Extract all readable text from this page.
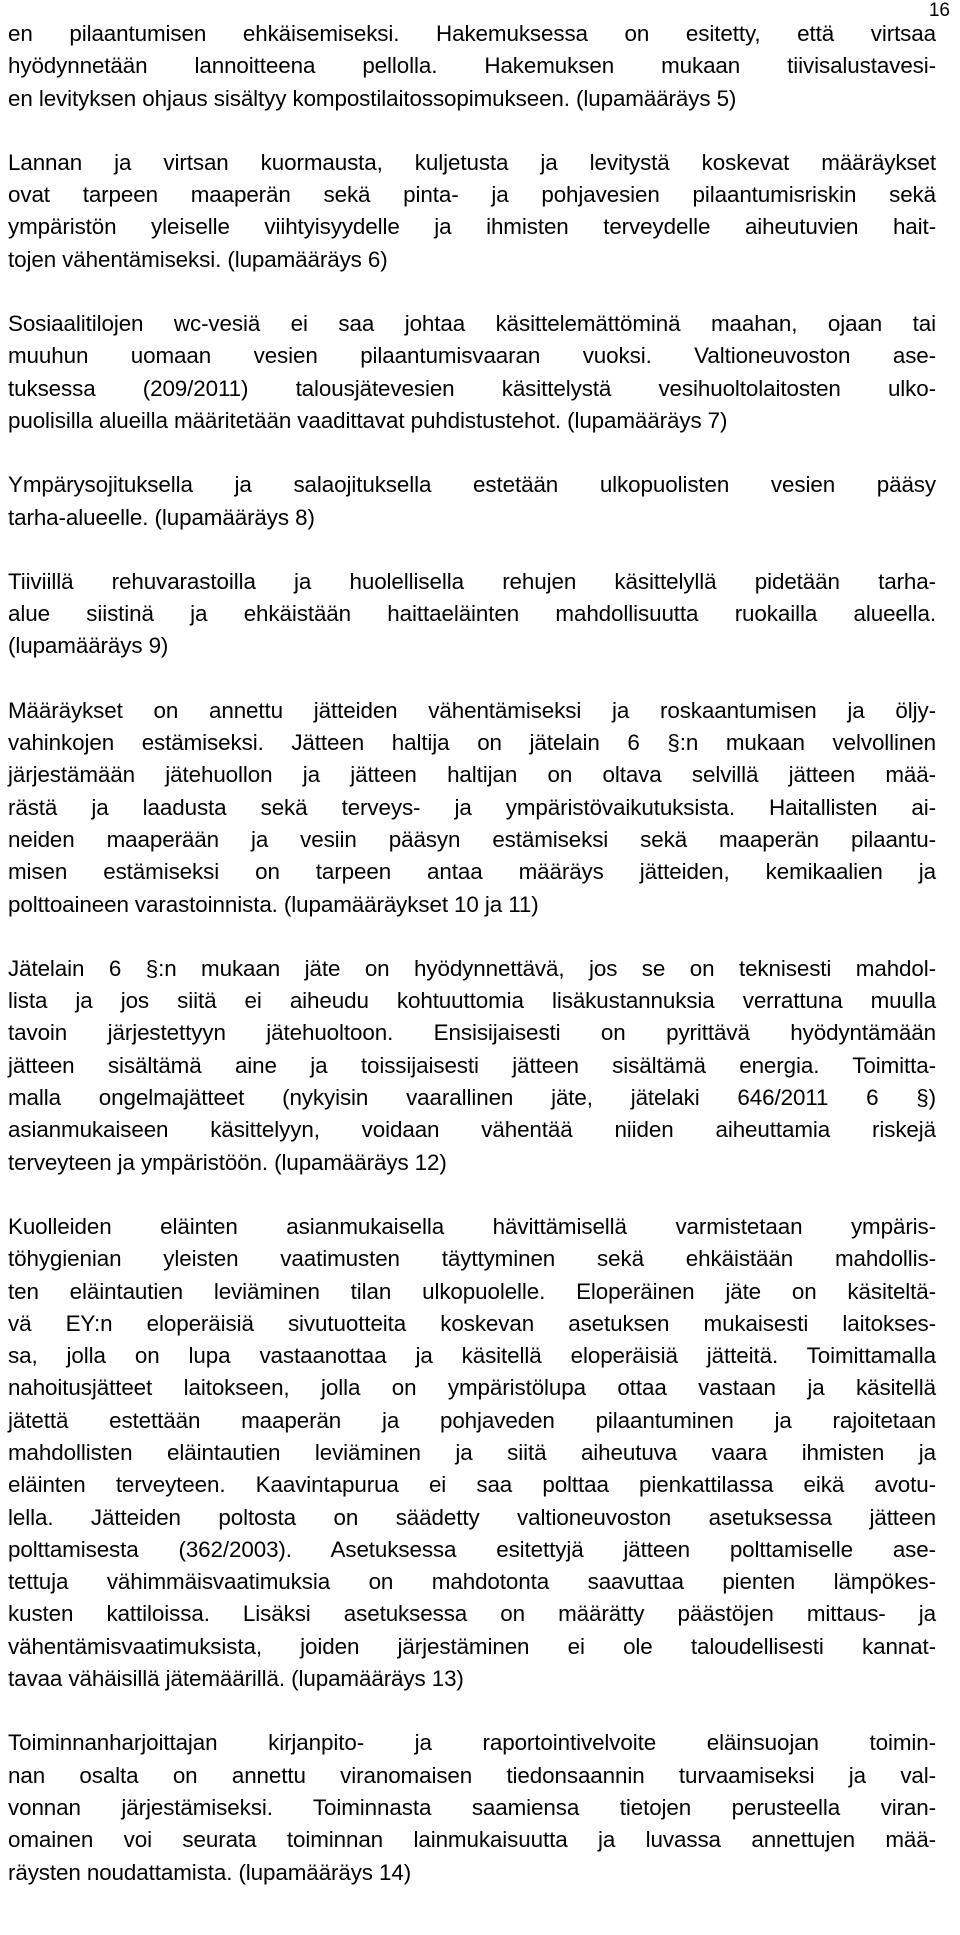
16

en pilaantumisen ehkäisemiseksi. Hakemuksessa on esitetty, että virtsaa
hyödynnetään lannoitteena pellolla. Hakemuksen mukaan tiivisalustavesi-
en levityksen ohjaus sisältyy kompostilaitossopimukseen. (lupamääräys 5)

Lannan ja virtsan kuormausta, kuljetusta ja levitystä koskevat määräykset
ovat tarpeen maaperän sekä pinta- ja pohjavesien pilaantumisriskin sekä
ympäristön yleiselle viihtyisyydelle ja ihmisten terveydelle aiheutuvien hait-
tojen vähentämiseksi. (lupamääräys 6)

Sosiaalitilojen wc-vesiä ei saa johtaa käsittelemättöminä maahan, ojaan tai
muuhun uomaan vesien pilaantumisvaaran vuoksi. Valtioneuvoston ase-
tuksessa (209/2011) talousjätevesien käsittelystä vesihuoltolaitosten ulko-
puolisilla alueilla määritetään vaadittavat puhdistustehot. (lupamääräys 7)

Ympärysojituksella ja salaojituksella estetään ulkopuolisten vesien pääsy
tarha-alueelle. (lupamääräys 8)

Tiiviillä rehuvarastoilla ja huolellisella rehujen käsittelyllä pidetään tarha-
alue siistinä ja ehkäistään haittaeläinten mahdollisuutta ruokailla alueella.
(lupamääräys 9)

Määräykset on annettu jätteiden vähentämiseksi ja roskaantumisen ja öljy-
vahinkojen estämiseksi. Jätteen haltija on jätelain 6 §:n mukaan velvollinen
järjestämään jätehuollon ja jätteen haltijan on oltava selvillä jätteen mää-
rästä ja laadusta sekä terveys- ja ympäristövaikutuksista. Haitallisten ai-
neiden maaperään ja vesiin pääsyn estämiseksi sekä maaperän pilaantu-
misen estämiseksi on tarpeen antaa määräys jätteiden, kemikaalien ja
polttoaineen varastoinnista. (lupamääräykset 10 ja 11)

Jätelain 6 §:n mukaan jäte on hyödynnettävä, jos se on teknisesti mahdol-
lista ja jos siitä ei aiheudu kohtuuttomia lisäkustannuksia verrattuna muulla
tavoin järjestettyyn jätehuoltoon. Ensisijaisesti on pyrittävä hyödyntämään
jätteen sisältämä aine ja toissijaisesti jätteen sisältämä energia. Toimitta-
malla ongelmajätteet (nykyisin vaarallinen jäte, jätelaki 646/2011 6 §)
asianmukaiseen käsittelyyn, voidaan vähentää niiden aiheuttamia riskejä
terveyteen ja ympäristöön. (lupamääräys 12)

Kuolleiden eläinten asianmukaisella hävittämisellä varmistetaan ympäris-
töhygienian yleisten vaatimusten täyttyminen sekä ehkäistään mahdollis-
ten eläintautien leviäminen tilan ulkopuolelle. Eloperäinen jäte on käsiteltä-
vä EY:n eloperäisiä sivutuotteita koskevan asetuksen mukaisesti laitokses-
sa, jolla on lupa vastaanottaa ja käsitellä eloperäisiä jätteitä. Toimittamalla
nahoitusjätteet laitokseen, jolla on ympäristölupa ottaa vastaan ja käsitellä
jätettä estettään maaperän ja pohjaveden pilaantuminen ja rajoitetaan
mahdollisten eläintautien leviäminen ja siitä aiheutuva vaara ihmisten ja
eläinten terveyteen. Kaavintapurua ei saa polttaa pienkattilassa eikä avotu-
lella. Jätteiden poltosta on säädetty valtioneuvoston asetuksessa jätteen
polttamisesta (362/2003). Asetuksessa esitettyjä jätteen polttamiselle ase-
tettuja vähimmäisvaatimuksia on mahdotonta saavuttaa pienten lämpökes-
kusten kattiloissa. Lisäksi asetuksessa on määrätty päästöjen mittaus- ja
vähentämisvaatimuksista, joiden järjestäminen ei ole taloudellisesti kannat-
tavaa vähäisillä jätemäärillä. (lupamääräys 13)

Toiminnanharjoittajan kirjanpito- ja raportointivelvoite eläinsuojan toimin-
nan osalta on annettu viranomaisen tiedonsaannin turvaamiseksi ja val-
vonnan järjestämiseksi. Toiminnasta saamiensa tietojen perusteella viran-
omainen voi seurata toiminnan lainmukaisuutta ja luvassa annettujen mää-
räysten noudattamista. (lupamääräys 14)
